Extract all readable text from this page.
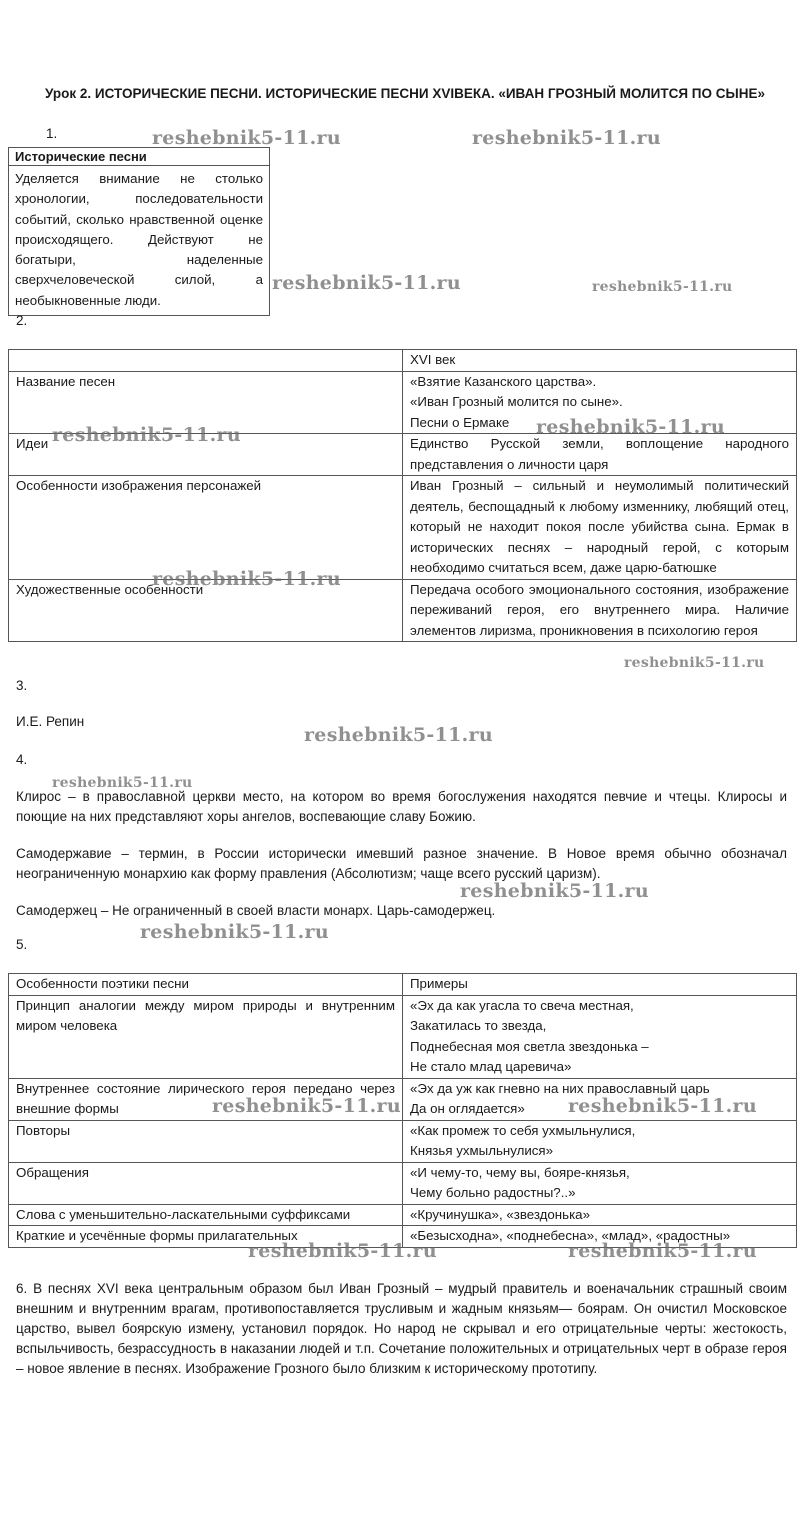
Урок 2. ИСТОРИЧЕСКИЕ ПЕСНИ. ИСТОРИЧЕСКИЕ ПЕСНИ XVIВЕКА. «ИВАН ГРОЗНЫЙ МОЛИТСЯ ПО СЫНЕ»
1.
Исторические песни
Уделяется внимание не столько хронологии, последовательности событий, сколько нравственной оценке происходящего. Действуют не богатыри, наделенные сверхчеловеческой силой, а необыкновенные люди.
2.
	XVI век
Название песен	«Взятие Казанского царства».
«Иван Грозный молится по сыне».
Песни о Ермаке

Идеи	Единство Русской земли, воплощение народного представления о личности царя
Особенности изображения персонажей	Иван Грозный – сильный и неумолимый политический деятель, беспощадный к любому изменнику, любящий отец, который не находит покоя после убийства сына. Ермак в исторических песнях – народный герой, с которым необходимо считаться всем, даже царю-батюшке
Художественные особенности	Передача особого эмоционального состояния, изображение переживаний героя, его внутреннего мира. Наличие элементов лиризма, проникновения в психологию героя
3.
И.Е. Репин
4.
Клирос – в православной церкви место, на котором во время богослужения находятся певчие и чтецы. Клиросы и поющие на них представляют хоры ангелов, воспевающие славу Божию.
Самодержавие – термин, в России исторически имевший разное значение. В Новое время обычно обозначал неограниченную монархию как форму правления (Абсолютизм; чаще всего русский царизм).
Самодержец – Не ограниченный в своей власти монарх. Царь-самодержец.
5.
Особенности поэтики песни	Примеры
Принцип аналогии между миром природы и внутренним миром человека	«Эх да как угасла то свеча местная,
Закатилась то звезда,
Поднебесная моя светла звездонька –
Не стало млад царевича»

Внутреннее состояние лирического героя передано через внешние формы	«Эх да уж как гневно на них православный царь
Да он оглядается»

Повторы	«Как промеж то себя ухмыльнулися,
Князья ухмыльнулися»

Обращения	«И чему-то, чему вы, бояре-князья,
Чему больно радостны?..»

Слова с уменьшительно-ласкательными суффиксами	«Кручинушка», «звездонька»
Краткие и усечённые формы прилагательных	«Безысходна», «поднебесна», «млад», «радостны»
6. В песнях XVI века центральным образом был Иван Грозный – мудрый правитель и военачальник страшный своим внешним и внутренним врагам, противопоставляется трусливым и жадным князьям— боярам. Он очистил Московское царство, вывел боярскую измену, установил порядок. Но народ не скрывал и его отрицательные черты: жестокость, вспыльчивость, безрассудность в наказании людей и т.п. Сочетание положительных и отрицательных черт в образе героя – новое явление в песнях. Изображение Грозного было близким к историческому прототипу.
reshebnik5-11.ru	reshebnik5-11.ru
reshebnik5-11.ru	reshebnik5-11.ru
reshebnik5-11.ru	reshebnik5-11.ru
reshebnik5-11.ru
reshebnik5-11.ru
reshebnik5-11.ru
reshebnik5-11.ru
reshebnik5-11.ru
reshebnik5-11.ru
reshebnik5-11.ru	reshebnik5-11.ru
reshebnik5-11.ru	reshebnik5-11.ru
